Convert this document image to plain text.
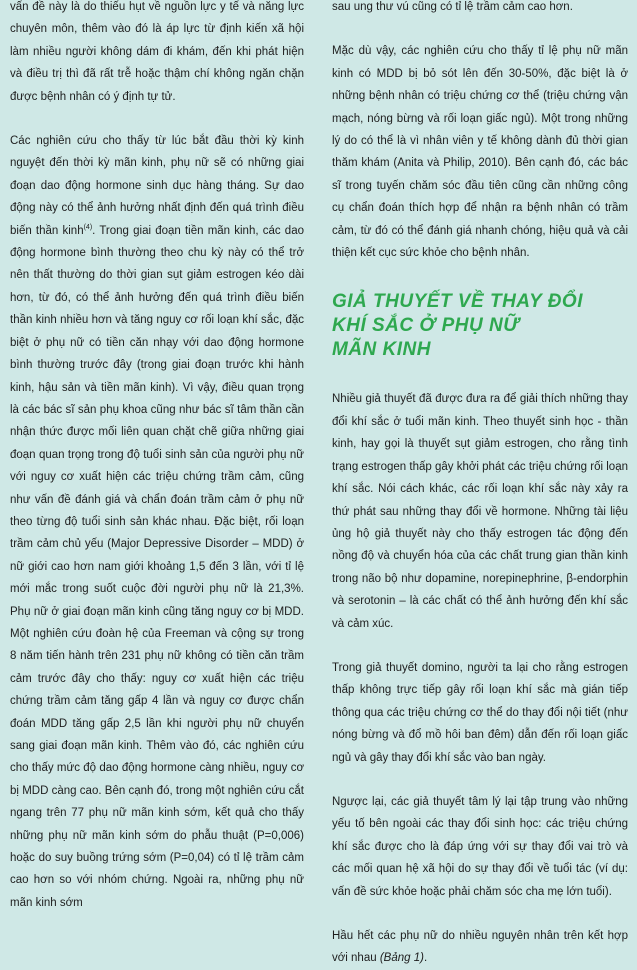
vấn đề này là do thiếu hụt về nguồn lực y tế và năng lực chuyên môn, thêm vào đó là áp lực từ định kiến xã hội làm nhiều người không dám đi khám, đến khi phát hiện và điều trị thì đã rất trễ hoặc thậm chí không ngăn chặn được bệnh nhân có ý định tự tử.

Các nghiên cứu cho thấy từ lúc bắt đầu thời kỳ kinh nguyệt đến thời kỳ mãn kinh, phụ nữ sẽ có những giai đoạn dao động hormone sinh dục hàng tháng. Sự dao động này có thể ảnh hưởng nhất định đến quá trình điều biến thần kinh$^{(4)}$. Trong giai đoạn tiền mãn kinh, các dao động hormone bình thường theo chu kỳ này có thể trở nên thất thường do thời gian sụt giảm estrogen kéo dài hơn, từ đó, có thể ảnh hưởng đến quá trình điều biến thần kinh nhiều hơn và tăng nguy cơ rối loạn khí sắc, đặc biệt ở phụ nữ có tiền căn nhạy với dao động hormone bình thường trước đây (trong giai đoạn trước khi hành kinh, hậu sản và tiền mãn kinh). Vì vậy, điều quan trọng là các bác sĩ sản phụ khoa cũng như bác sĩ tâm thần cần nhận thức được mối liên quan chặt chẽ giữa những giai đoạn quan trọng trong độ tuổi sinh sản của người phụ nữ với nguy cơ xuất hiện các triệu chứng trầm cảm, cũng như vấn đề đánh giá và chẩn đoán trầm cảm ở phụ nữ theo từng độ tuổi sinh sản khác nhau. Đặc biệt, rối loạn trầm cảm chủ yếu (Major Depressive Disorder – MDD) ở nữ giới cao hơn nam giới khoảng 1,5 đến 3 lần, với tỉ lệ mới mắc trong suốt cuộc đời người phụ nữ là 21,3%. Phụ nữ ở giai đoạn mãn kinh cũng tăng nguy cơ bị MDD. Một nghiên cứu đoàn hệ của Freeman và cộng sự trong 8 năm tiến hành trên 231 phụ nữ không có tiền căn trầm cảm trước đây cho thấy: nguy cơ xuất hiện các triệu chứng trầm cảm tăng gấp 4 lần và nguy cơ được chẩn đoán MDD tăng gấp 2,5 lần khi người phụ nữ chuyển sang giai đoạn mãn kinh. Thêm vào đó, các nghiên cứu cho thấy mức độ dao động hormone càng nhiều, nguy cơ bị MDD càng cao. Bên cạnh đó, trong một nghiên cứu cắt ngang trên 77 phụ nữ mãn kinh sớm, kết quả cho thấy những phụ nữ mãn kinh sớm do phẫu thuật (P=0,006) hoặc do suy buồng trứng sớm (P=0,04) có tỉ lệ trầm cảm cao hơn so với nhóm chứng. Ngoài ra, những phụ nữ mãn kinh sớm

sau ung thư vú cũng có tỉ lệ trầm cảm cao hơn.

Mặc dù vậy, các nghiên cứu cho thấy tỉ lệ phụ nữ mãn kinh có MDD bị bỏ sót lên đến 30-50%, đặc biệt là ở những bệnh nhân có triệu chứng cơ thể (triệu chứng vận mạch, nóng bừng và rối loạn giấc ngủ). Một trong những lý do có thể là vì nhân viên y tế không dành đủ thời gian thăm khám (Anita và Philip, 2010). Bên cạnh đó, các bác sĩ trong tuyến chăm sóc đầu tiên cũng cần những công cụ chẩn đoán thích hợp để nhận ra bệnh nhân có trầm cảm, từ đó có thể đánh giá nhanh chóng, hiệu quả và cải thiện kết cục sức khỏe cho bệnh nhân.

GIẢ THUYẾT VỀ THAY ĐỔI
KHÍ SẮC Ở PHỤ NỮ
MÃN KINH

Nhiều giả thuyết đã được đưa ra để giải thích những thay đổi khí sắc ở tuổi mãn kinh. Theo thuyết sinh học - thần kinh, hay gọi là thuyết sụt giảm estrogen, cho rằng tình trạng estrogen thấp gây khởi phát các triệu chứng rối loạn khí sắc. Nói cách khác, các rối loạn khí sắc này xảy ra thứ phát sau những thay đổi về hormone. Những tài liệu ủng hộ giả thuyết này cho thấy estrogen tác động đến nồng độ và chuyển hóa của các chất trung gian thần kinh trong não bộ như dopamine, norepinephrine, β-endorphin và serotonin – là các chất có thể ảnh hưởng đến khí sắc và cảm xúc.

Trong giả thuyết domino, người ta lại cho rằng estrogen thấp không trực tiếp gây rối loạn khí sắc mà gián tiếp thông qua các triệu chứng cơ thể do thay đổi nội tiết (như nóng bừng và đổ mồ hôi ban đêm) dẫn đến rối loạn giấc ngủ và gây thay đổi khí sắc vào ban ngày.

Ngược lại, các giả thuyết tâm lý lại tập trung vào những yếu tố bên ngoài các thay đổi sinh học: các triệu chứng khí sắc được cho là đáp ứng với sự thay đổi vai trò và các mối quan hệ xã hội do sự thay đổi về tuổi tác (ví dụ: vấn đề sức khỏe hoặc phải chăm sóc cha mẹ lớn tuổi).

Hầu hết các phụ nữ do nhiều nguyên nhân trên kết hợp với nhau (Bảng 1).
